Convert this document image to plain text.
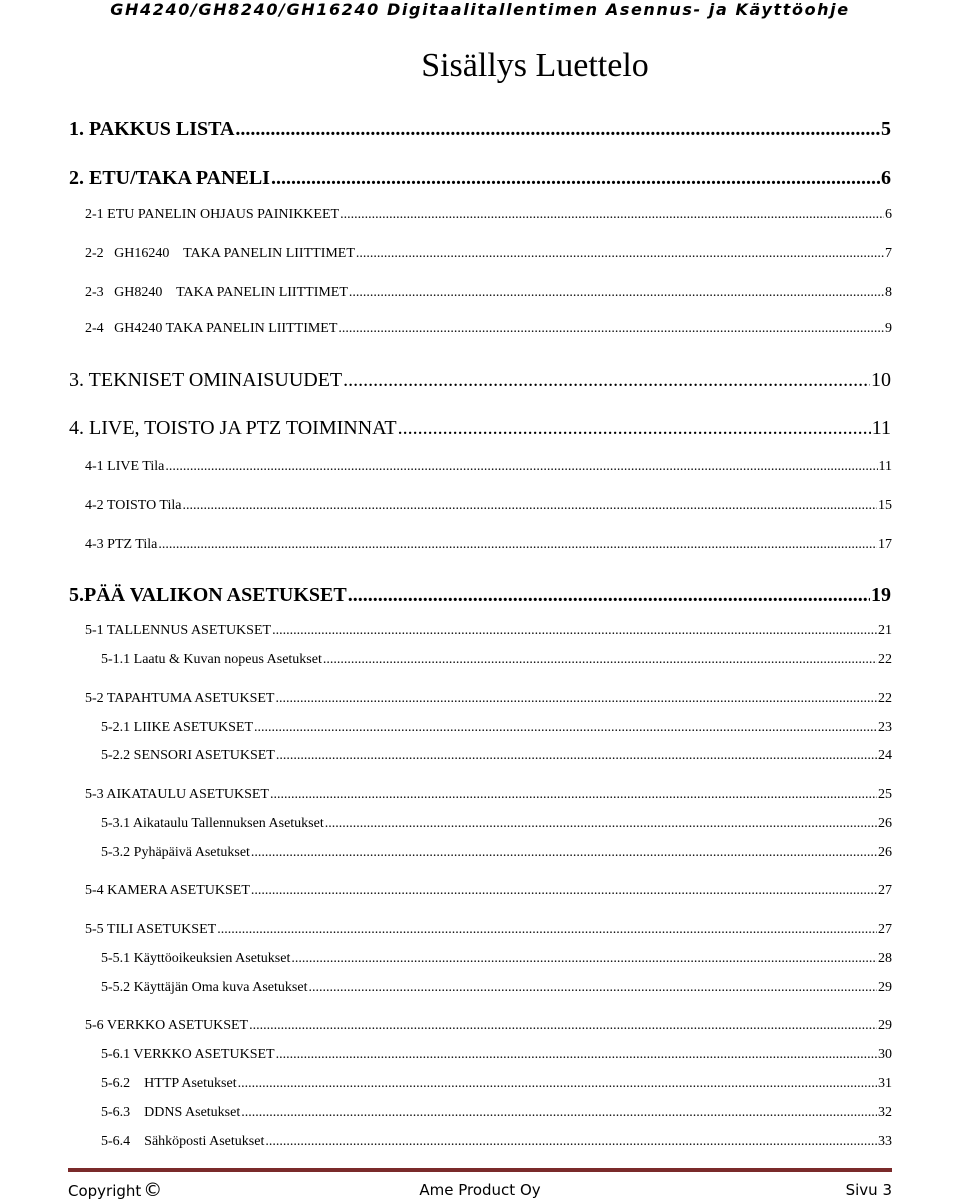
GH4240/GH8240/GH16240 Digitaalitallentimen Asennus- ja Käyttöohje
Sisällys Luettelo
1. PAKKUS LISTA .....	5
2. ETU/TAKA PANELI .....	6
2-1 ETU PANELIN OHJAUS PAINIKKEET .....	6
2-2   GH16240    TAKA PANELIN LIITTIMET .....	7
2-3   GH8240    TAKA PANELIN LIITTIMET .....	8
2-4   GH4240 TAKA PANELIN LIITTIMET .....	9
3. TEKNISET OMINAISUUDET .....	10
4. LIVE, TOISTO JA PTZ TOIMINNAT .....	11
4-1 LIVE Tila .....	11
4-2 TOISTO Tila .....	15
4-3 PTZ Tila .....	17
5.PÄÄ VALIKON ASETUKSET .....	19
5-1 TALLENNUS ASETUKSET .....	21
5-1.1 Laatu & Kuvan nopeus Asetukset .....	22
5-2 TAPAHTUMA ASETUKSET .....	22
5-2.1 LIIKE ASETUKSET .....	23
5-2.2 SENSORI ASETUKSET .....	24
5-3 AIKATAULU ASETUKSET .....	25
5-3.1 Aikataulu Tallennuksen Asetukset .....	26
5-3.2 Pyhäpäivä Asetukset .....	26
5-4 KAMERA ASETUKSET .....	27
5-5 TILI ASETUKSET .....	27
5-5.1 Käyttöoikeuksien Asetukset .....	28
5-5.2 Käyttäjän Oma kuva Asetukset .....	29
5-6 VERKKO ASETUKSET .....	29
5-6.1 VERKKO ASETUKSET .....	30
5-6.2    HTTP Asetukset .....	31
5-6.3    DDNS Asetukset .....	32
5-6.4    Sähköposti Asetukset .....	33
Copyright ©	Ame Product Oy	Sivu 3
